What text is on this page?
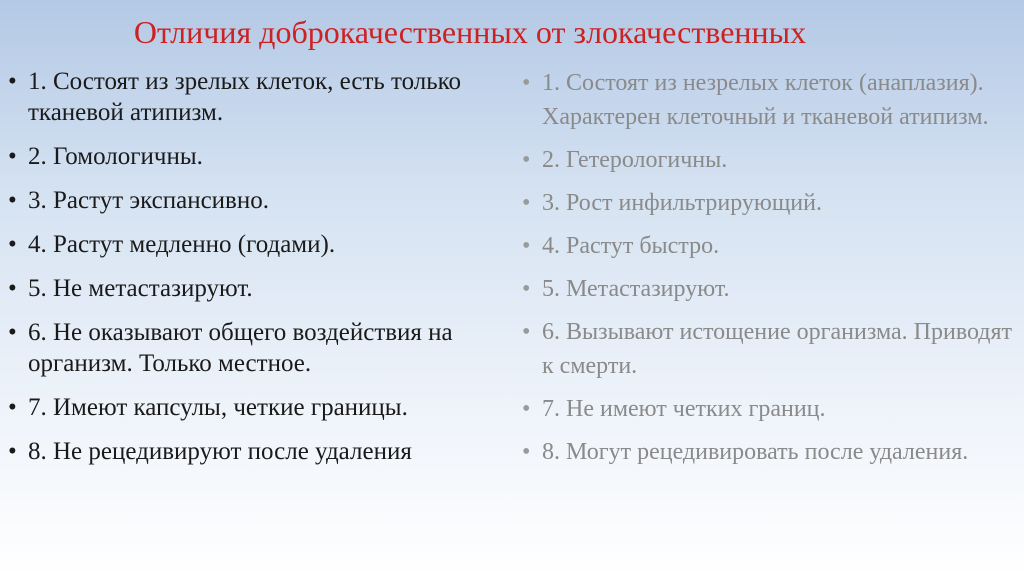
Отличия доброкачественных от злокачественных
• 1. Состоят из зрелых клеток, есть только тканевой атипизм.
• 2. Гомологичны.
• 3. Растут экспансивно.
• 4. Растут медленно (годами).
• 5. Не метастазируют.
• 6. Не оказывают общего воздействия на организм. Только местное.
• 7. Имеют капсулы, четкие границы.
• 8. Не рецедивируют после удаления
• 1. Состоят из незрелых клеток (анаплазия). Характерен клеточный и тканевой атипизм.
• 2. Гетерологичны.
• 3. Рост инфильтрирующий.
• 4. Растут быстро.
• 5. Метастазируют.
• 6. Вызывают истощение организма. Приводят к смерти.
• 7. Не имеют четких границ.
• 8. Могут рецедивировать после удаления.
